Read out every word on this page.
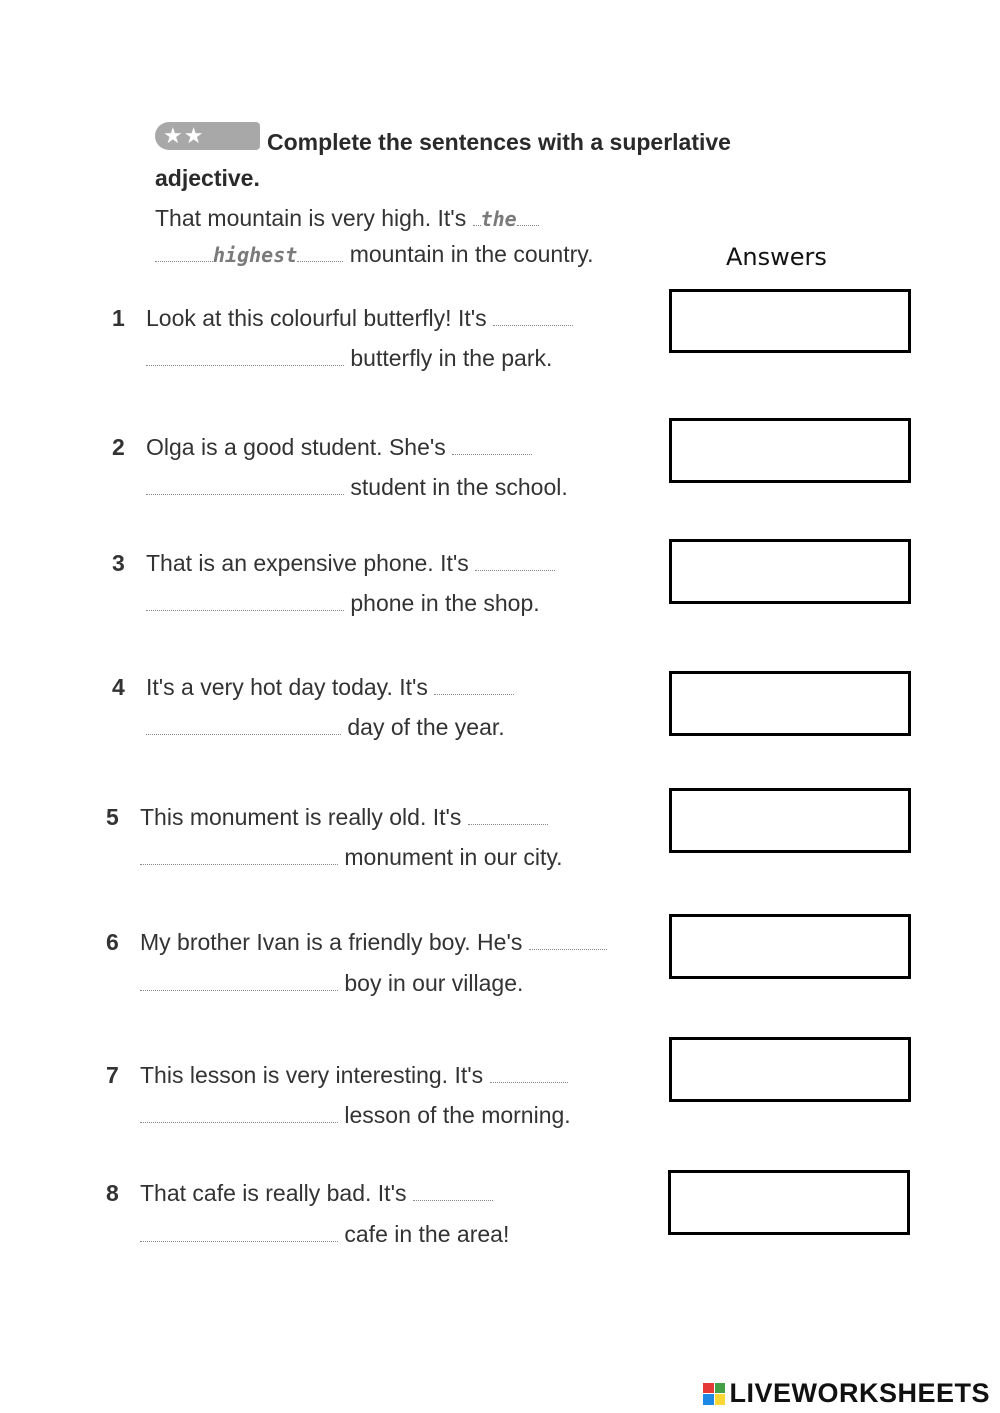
★★	Complete the sentences with a superlative adjective.
That mountain is very high. It's the
highest mountain in the country.	Answers
1 Look at this colourful butterfly! It's
butterfly in the park.
2 Olga is a good student. She's
student in the school.
3 That is an expensive phone. It's
phone in the shop.
4 It's a very hot day today. It's
day of the year.
5 This monument is really old. It's
monument in our city.
6 My brother Ivan is a friendly boy. He's
boy in our village.
7 This lesson is very interesting. It's
lesson of the morning.
8 That cafe is really bad. It's
cafe in the area!
LIVEWORKSHEETS
